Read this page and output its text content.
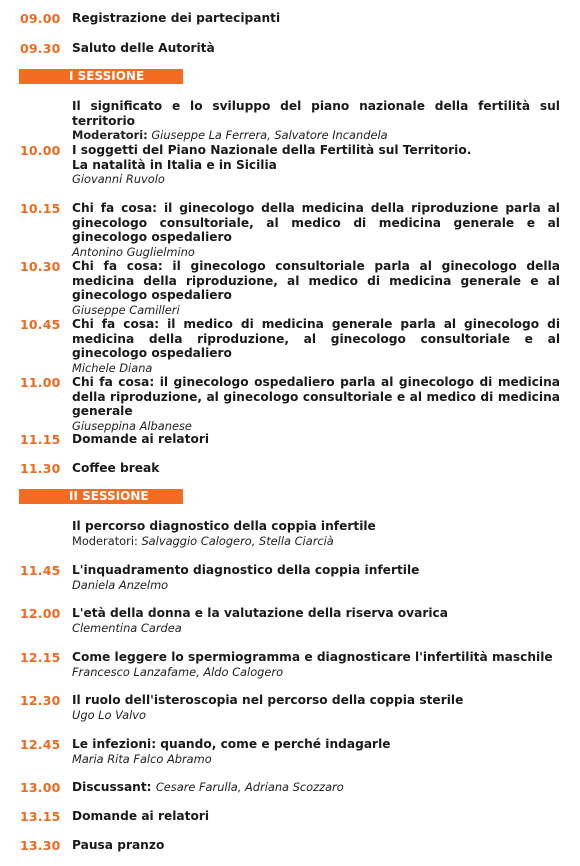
09.00 Registrazione dei partecipanti

09.30 Saluto delle Autorità

I SESSIONE

Il significato e lo sviluppo del piano nazionale della fertilità sul territorio

Moderatori: Giuseppe La Ferrera, Salvatore Incandela

10.00 I soggetti del Piano Nazionale della Fertilità sul Territorio.

La natalità in Italia e in Sicilia

Giovanni Ruvolo

10.15 Chi fa cosa: il ginecologo della medicina della riproduzione parla al ginecologo consultoriale, al medico di medicina generale e al ginecologo ospedaliero

Antonino Guglielmino

10.30 Chi fa cosa: il ginecologo consultoriale parla al ginecologo della medicina della riproduzione, al medico di medicina generale e al ginecologo ospedaliero

Giuseppe Camilleri

10.45 Chi fa cosa: il medico di medicina generale parla al ginecologo di medicina della riproduzione, al ginecologo consultoriale e al ginecologo ospedaliero

Michele Diana

11.00 Chi fa cosa: il ginecologo ospedaliero parla al ginecologo di medicina della riproduzione, al ginecologo consultoriale e al medico di medicina generale

Giuseppina Albanese

11.15 Domande ai relatori

11.30 Coffee break

II SESSIONE

Il percorso diagnostico della coppia infertile

Moderatori: Salvaggio Calogero, Stella Ciarcià

11.45 L'inquadramento diagnostico della coppia infertile

Daniela Anzelmo

12.00 L'età della donna e la valutazione della riserva ovarica

Clementina Cardea

12.15 Come leggere lo spermiogramma e diagnosticare l'infertilità maschile

Francesco Lanzafame, Aldo Calogero

12.30 Il ruolo dell'isteroscopia nel percorso della coppia sterile

Ugo Lo Valvo

12.45 Le infezioni: quando, come e perché indagarle

Maria Rita Falco Abramo

13.00 Discussant: Cesare Farulla, Adriana Scozzaro

13.15 Domande ai relatori

13.30 Pausa pranzo
